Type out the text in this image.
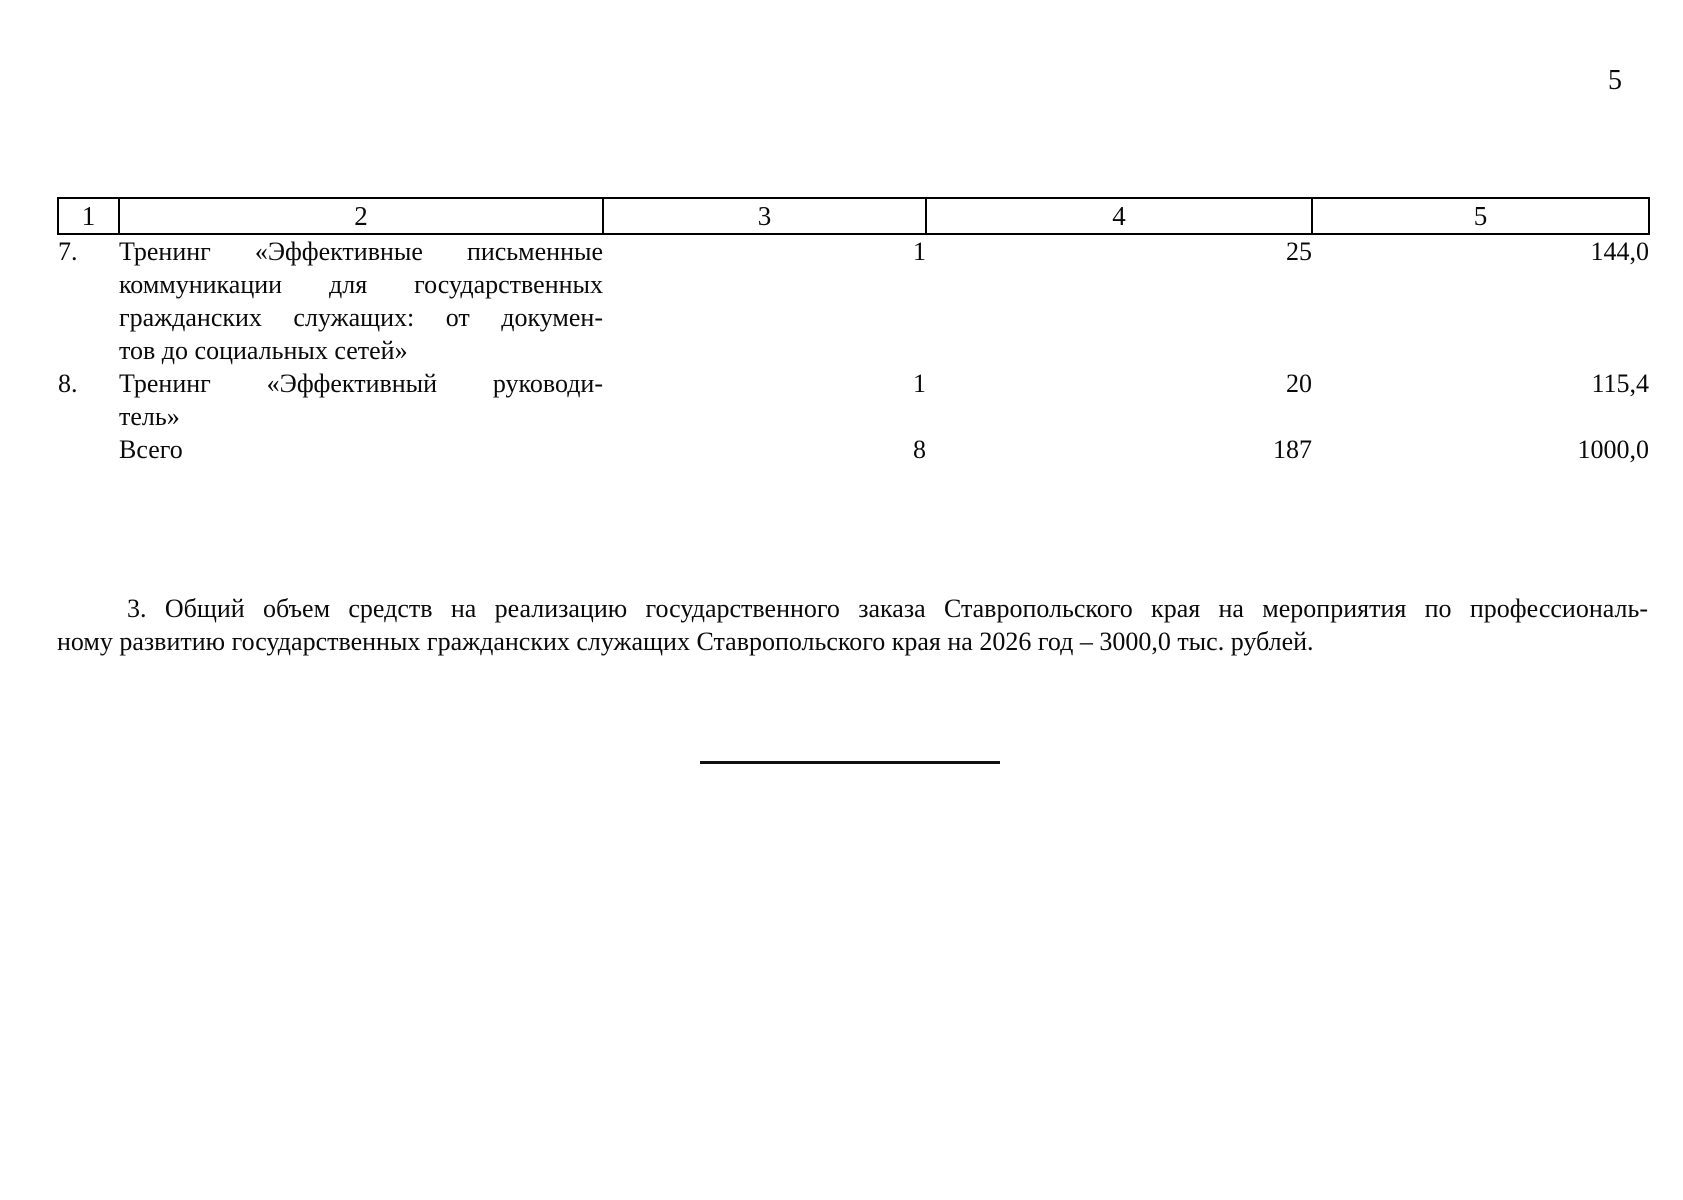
5
1	2	3	4	5
7.	Тренинг «Эффективные письменные
коммуникации для государственных
гражданских служащих: от докумен-
тов до социальных сетей»	1	25	144,0
8.	Тренинг «Эффективный руководи-
тель»	1	20	115,4
	Всего	8	187	1000,0
3. Общий объем средств на реализацию государственного заказа Ставропольского края на мероприятия по профессиональ-
ному развитию государственных гражданских служащих Ставропольского края на 2026 год – 3000,0 тыс. рублей.
